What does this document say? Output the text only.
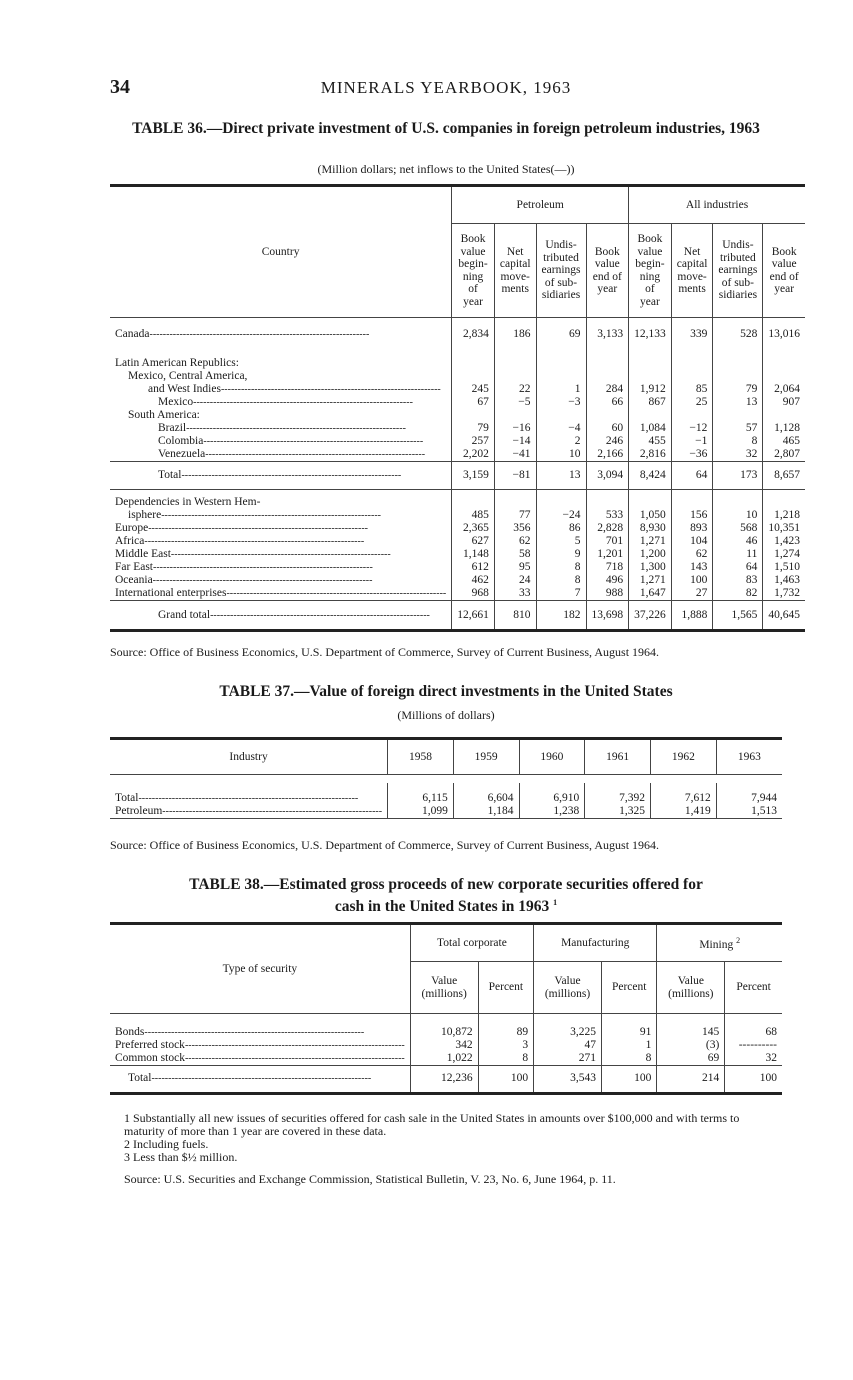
34	MINERALS YEARBOOK, 1963
TABLE 36.—Direct private investment of U.S. companies in foreign petroleum industries, 1963
(Million dollars; net inflows to the United States(—))
Country	Petroleum				All industries			
	Book value begin- ning of year	Net capital move- ments	Undis- tributed earnings of sub- sidiaries	Book value end of year	Book value begin- ning of year	Net capital move- ments	Undis- tributed earnings of sub- sidiaries	Book value end of year
Canada -----	2,834	186	69	3,133	12,133	339	528	13,016
Latin American Republics:								
Mexico, Central America,								
and West Indies -----	245	22	1	284	1,912	85	79	2,064
Mexico -----	67	−5	−3	66	867	25	13	907
South America:								
Brazil -----	79	−16	−4	60	1,084	−12	57	1,128
Colombia -----	257	−14	2	246	455	−1	8	465
Venezuela -----	2,202	−41	10	2,166	2,816	−36	32	2,807
Total -----	3,159	−81	13	3,094	8,424	64	173	8,657
Dependencies in Western Hem-								
isphere -----	485	77	−24	533	1,050	156	10	1,218
Europe -----	2,365	356	86	2,828	8,930	893	568	10,351
Africa -----	627	62	5	701	1,271	104	46	1,423
Middle East -----	1,148	58	9	1,201	1,200	62	11	1,274
Far East -----	612	95	8	718	1,300	143	64	1,510
Oceania -----	462	24	8	496	1,271	100	83	1,463
International enterprises -----	968	33	7	988	1,647	27	82	1,732
Grand total -----	12,661	810	182	13,698	37,226	1,888	1,565	40,645
Source: Office of Business Economics, U.S. Department of Commerce, Survey of Current Business, August 1964.
TABLE 37.—Value of foreign direct investments in the United States
(Millions of dollars)
Industry	1958	1959	1960	1961	1962	1963

Total -----	6,115	6,604	6,910	7,392	7,612	7,944
Petroleum -----	1,099	1,184	1,238	1,325	1,419	1,513
Source: Office of Business Economics, U.S. Department of Commerce, Survey of Current Business, August 1964.
TABLE 38.—Estimated gross proceeds of new corporate securities offered for
cash in the United States in 1963 $^1$
Type of security	Total corporate		Manufacturing		Mining $^2$
	Value (millions)	Percent	Value (millions)	Percent	Value (millions)	Percent

Bonds -----	10,872	89	3,225	91	145	68
Preferred stock -----	342	3	47	1	(3)	----------
Common stock -----	1,022	8	271	8	69	32
Total -----	12,236	100	3,543	100	214	100

1 Substantially all new issues of securities offered for cash sale in the United States in amounts over $100,000 and with terms to maturity of more than 1 year are covered in these data.

2 Including fuels.

3 Less than $½ million.

Source: U.S. Securities and Exchange Commission, Statistical Bulletin, V. 23, No. 6, June 1964, p. 11.
